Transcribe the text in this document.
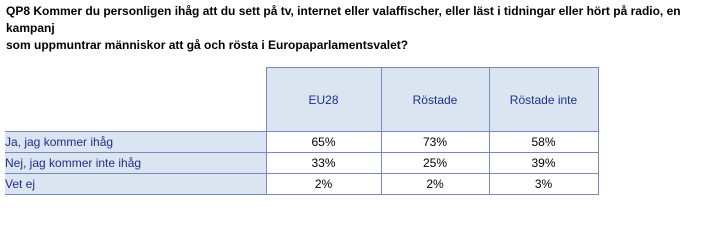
QP8 Kommer du personligen ihåg att du sett på tv, internet eller valaffischer, eller läst i tidningar eller hört på radio, en kampanj
som uppmuntrar människor att gå och rösta i Europaparlamentsvalet?

	EU28	Röstade	Röstade inte
Ja, jag kommer ihåg	65%	73%	58%
Nej, jag kommer inte ihåg	33%	25%	39%
Vet ej	2%	2%	3%
